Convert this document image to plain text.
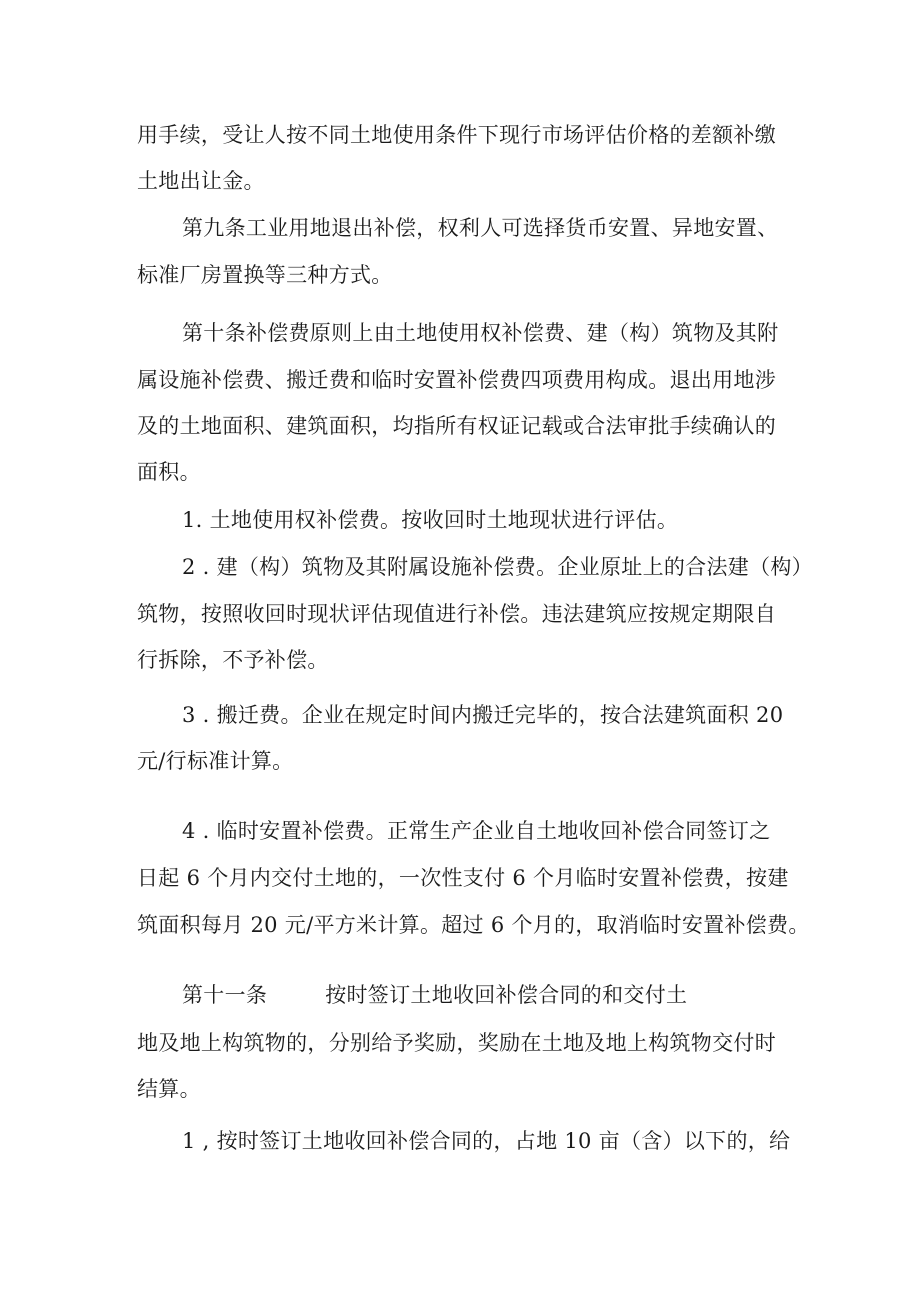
用手续，受让人按不同土地使用条件下现行市场评估价格的差额补缴
土地出让金。
第九条工业用地退出补偿，权利人可选择货币安置、异地安置、
标准厂房置换等三种方式。
第十条补偿费原则上由土地使用权补偿费、建（构）筑物及其附
属设施补偿费、搬迁费和临时安置补偿费四项费用构成。退出用地涉
及的土地面积、建筑面积，均指所有权证记载或合法审批手续确认的
面积。
1. 土地使用权补偿费。按收回时土地现状进行评估。
2 . 建（构）筑物及其附属设施补偿费。企业原址上的合法建（构）
筑物，按照收回时现状评估现值进行补偿。违法建筑应按规定期限自
行拆除，不予补偿。
3 . 搬迁费。企业在规定时间内搬迁完毕的，按合法建筑面积 20
元/行标准计算。
4 . 临时安置补偿费。正常生产企业自土地收回补偿合同签订之
日起 6 个月内交付土地的，一次性支付 6 个月临时安置补偿费，按建
筑面积每月 20 元/平方米计算。超过 6 个月的，取消临时安置补偿费。
第十一条	按时签订土地收回补偿合同的和交付土
地及地上构筑物的，分别给予奖励，奖励在土地及地上构筑物交付时
结算。
1 , 按时签订土地收回补偿合同的，占地 10 亩（含）以下的，给
